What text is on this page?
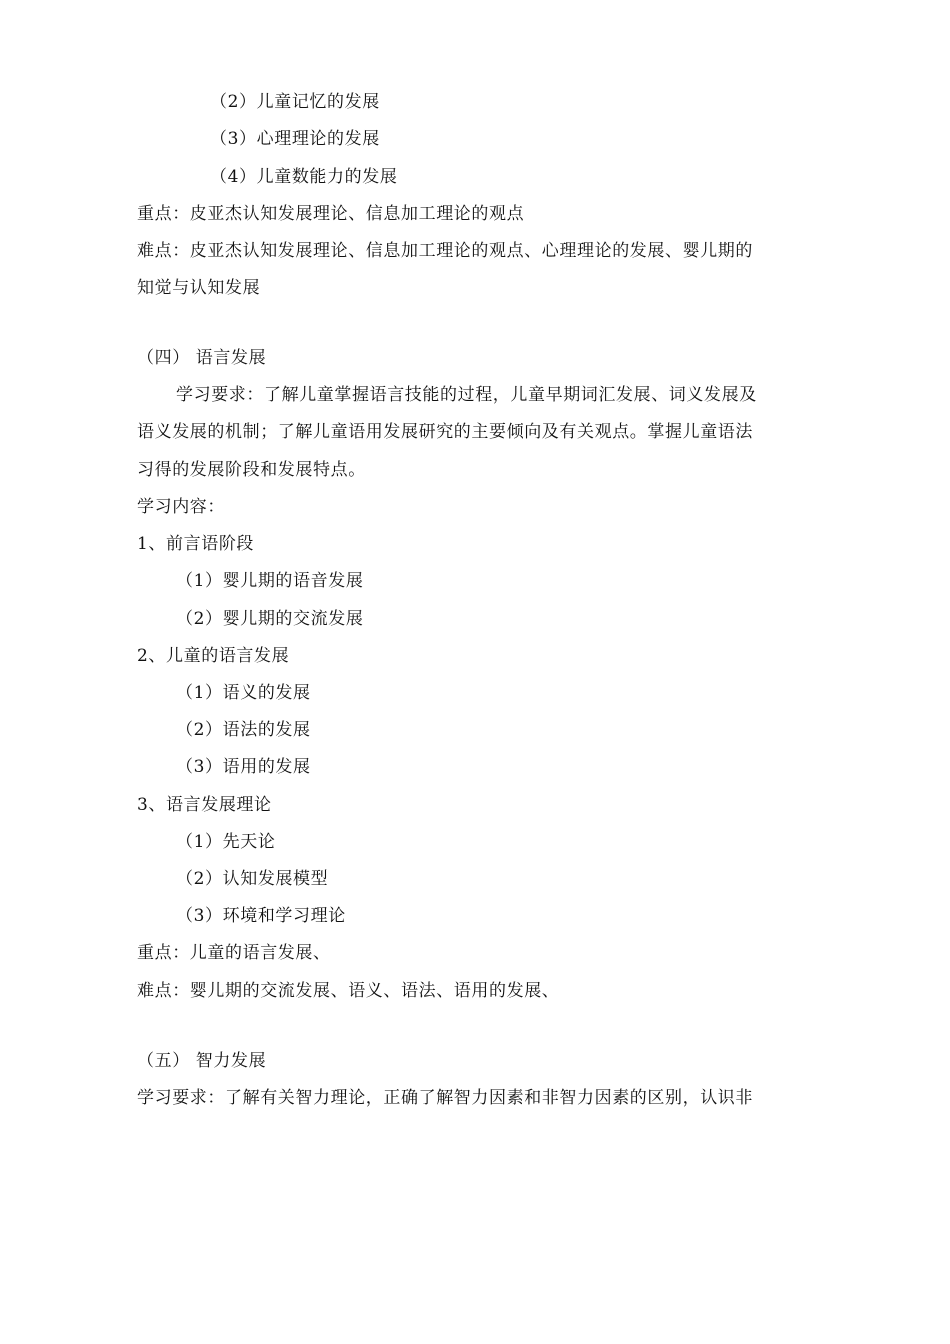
（2）儿童记忆的发展
（3）心理理论的发展
（4）儿童数能力的发展
重点：皮亚杰认知发展理论、信息加工理论的观点
难点：皮亚杰认知发展理论、信息加工理论的观点、心理理论的发展、婴儿期的
知觉与认知发展
（四） 语言发展
学习要求：了解儿童掌握语言技能的过程，儿童早期词汇发展、词义发展及
语义发展的机制；了解儿童语用发展研究的主要倾向及有关观点。掌握儿童语法
习得的发展阶段和发展特点。
学习内容：
1、前言语阶段
（1）婴儿期的语音发展
（2）婴儿期的交流发展
2、儿童的语言发展
（1）语义的发展
（2）语法的发展
（3）语用的发展
3、语言发展理论
（1）先天论
（2）认知发展模型
（3）环境和学习理论
重点：儿童的语言发展、
难点：婴儿期的交流发展、语义、语法、语用的发展、
（五） 智力发展
学习要求：了解有关智力理论，正确了解智力因素和非智力因素的区别，认识非
